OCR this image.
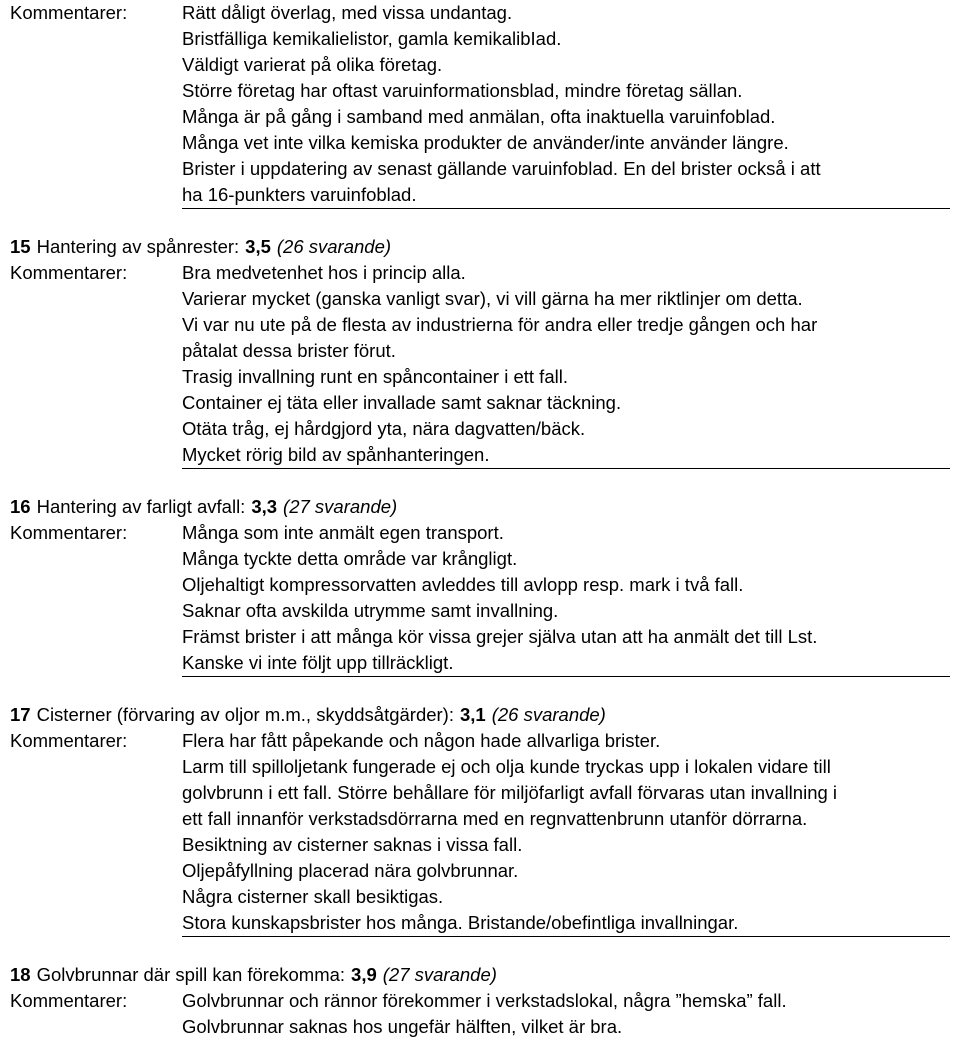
Kommentarer:	Rätt dåligt överlag, med vissa undantag.
Bristfälliga kemikalielistor, gamla kemikalibIad.
Väldigt varierat på olika företag.
Större företag har oftast varuinformationsblad, mindre företag sällan.
Många är på gång i samband med anmälan, ofta inaktuella varuinfoblad.
Många vet inte vilka kemiska produkter de använder/inte använder längre.
Brister i uppdatering av senast gällande varuinfoblad. En del brister också i att
ha 16-punkters varuinfoblad.
15 Hantering av spånrester: 3,5 (26 svarande)
Kommentarer:	Bra medvetenhet hos i princip alla.
Varierar mycket (ganska vanligt svar), vi vill gärna ha mer riktlinjer om detta.
Vi var nu ute på de flesta av industrierna för andra eller tredje gången och har
påtalat dessa brister förut.
Trasig invallning runt en spåncontainer i ett fall.
Container ej täta eller invallade samt saknar täckning.
Otäta tråg, ej hårdgjord yta, nära dagvatten/bäck.
Mycket rörig bild av spånhanteringen.
16 Hantering av farligt avfall: 3,3 (27 svarande)
Kommentarer:	Många som inte anmält egen transport.
Många tyckte detta område var krångligt.
Oljehaltigt kompressorvatten avleddes till avlopp resp. mark i två fall.
Saknar ofta avskilda utrymme samt invallning.
Främst brister i att många kör vissa grejer själva utan att ha anmält det till Lst.
Kanske vi inte följt upp tillräckligt.
17 Cisterner (förvaring av oljor m.m., skyddsåtgärder): 3,1 (26 svarande)
Kommentarer:	Flera har fått påpekande och någon hade allvarliga brister.
Larm till spilloljetank fungerade ej och olja kunde tryckas upp i lokalen vidare till
golvbrunn i ett fall. Större behållare för miljöfarligt avfall förvaras utan invallning i
ett fall innanför verkstadsdörrarna med en regnvattenbrunn utanför dörrarna.
Besiktning av cisterner saknas i vissa fall.
Oljepåfyllning placerad nära golvbrunnar.
Några cisterner skall besiktigas.
Stora kunskapsbrister hos många. Bristande/obefintliga invallningar.
18 Golvbrunnar där spill kan förekomma: 3,9 (27 svarande)
Kommentarer:	Golvbrunnar och rännor förekommer i verkstadslokal, några ”hemska” fall.
Golvbrunnar saknas hos ungefär hälften, vilket är bra.
